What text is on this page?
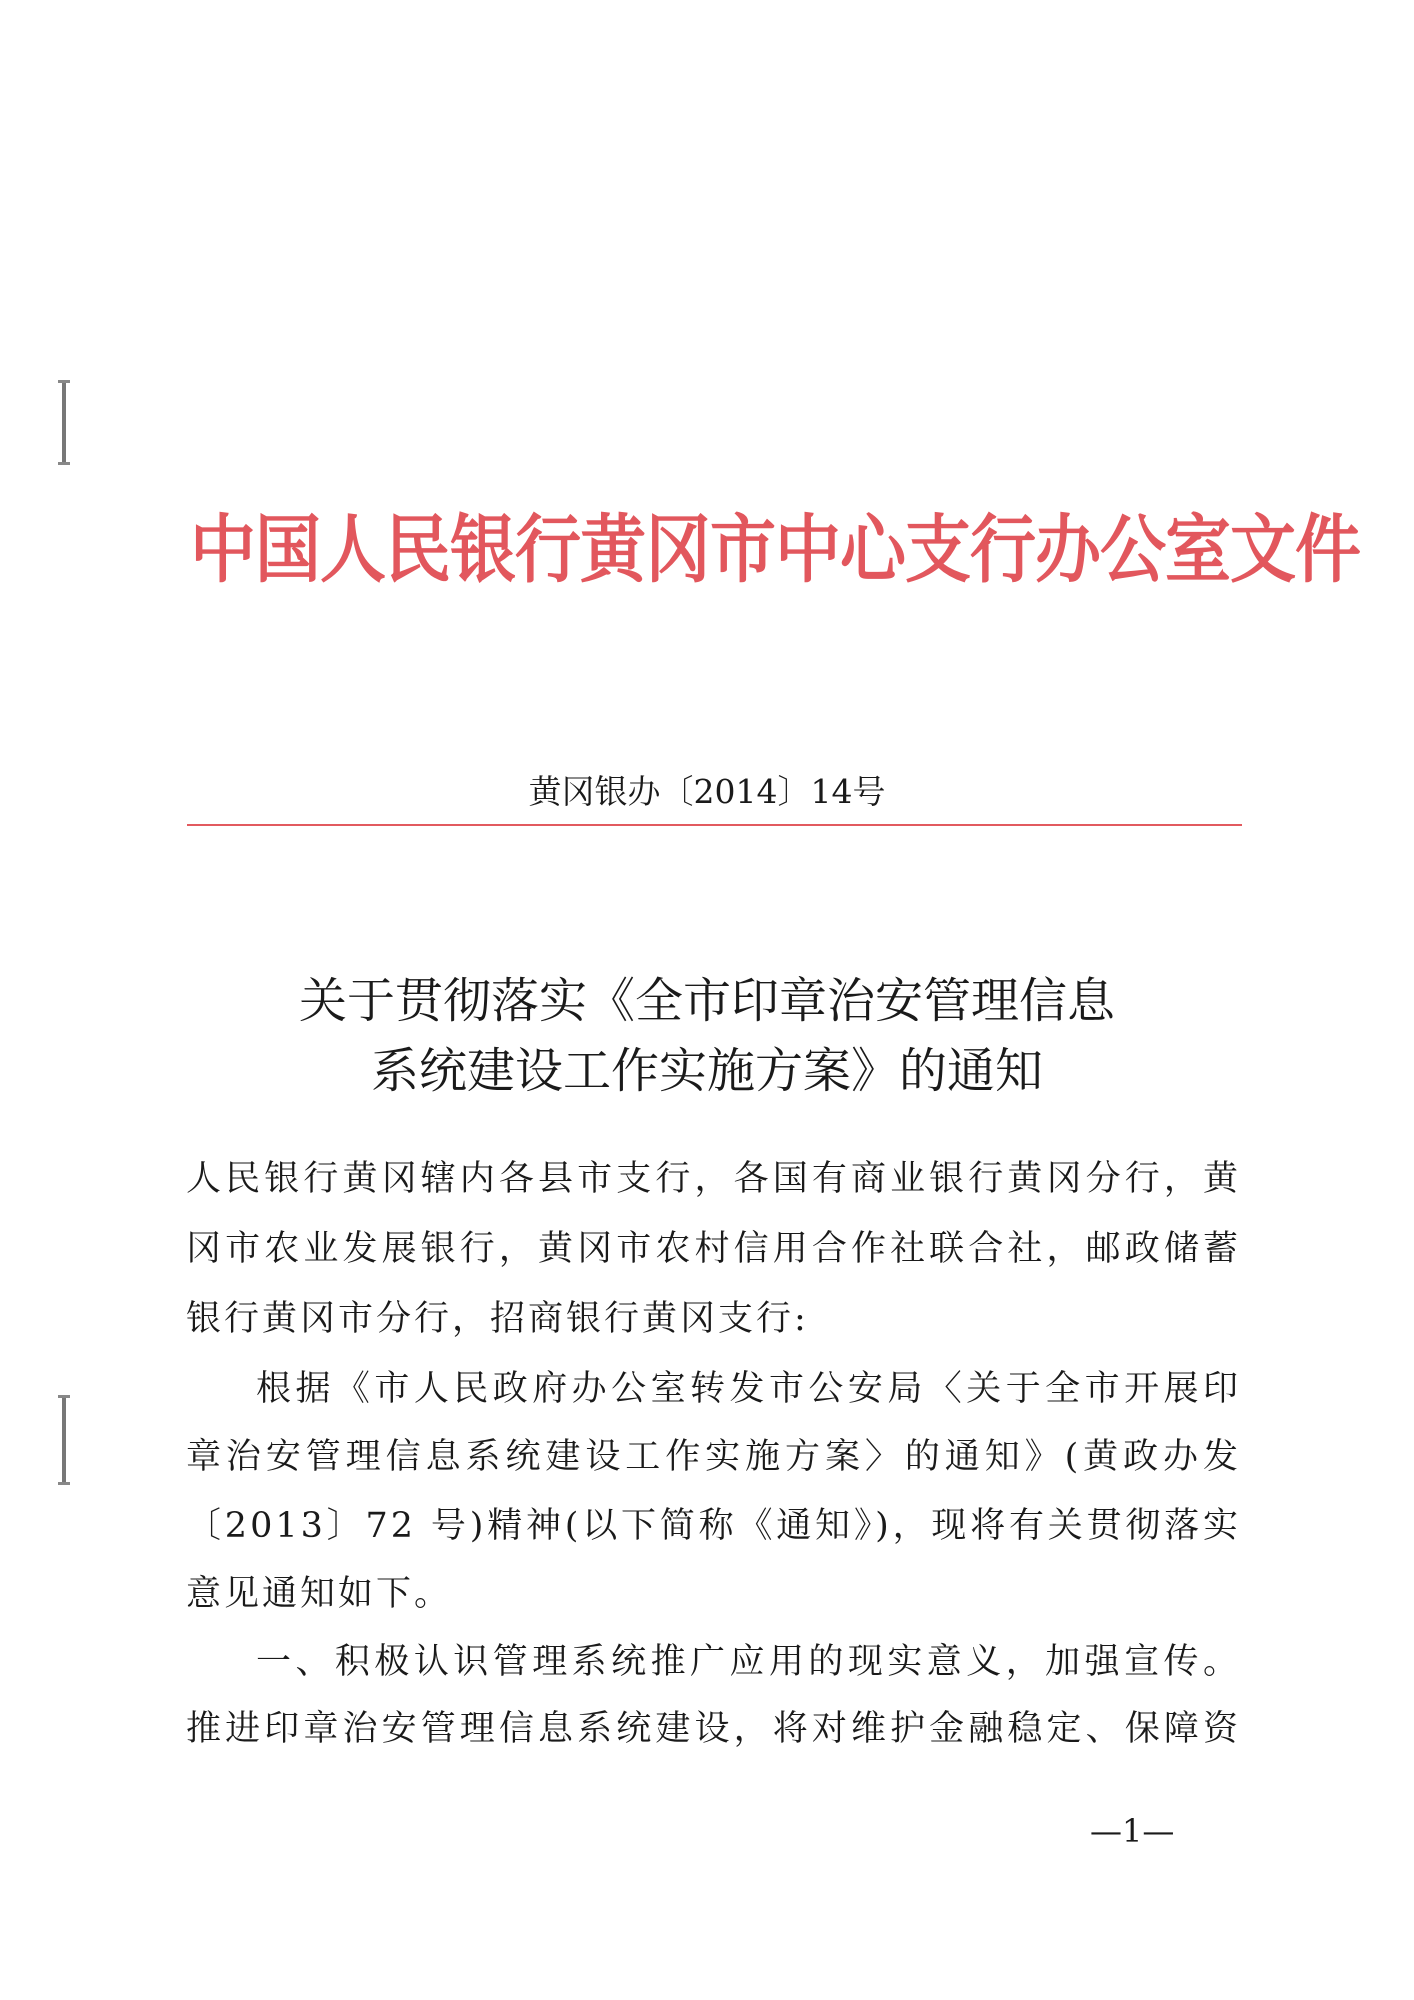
中国人民银行黄冈市中心支行办公室文件
黄冈银办〔2014〕14号
关于贯彻落实《全市印章治安管理信息
系统建设工作实施方案》的通知
人民银行黄冈辖内各县市支行，各国有商业银行黄冈分行，黄
冈市农业发展银行，黄冈市农村信用合作社联合社，邮政储蓄
银行黄冈市分行，招商银行黄冈支行:
根据《市人民政府办公室转发市公安局〈关于全市开展印
章治安管理信息系统建设工作实施方案〉的通知》(黄政办发
〔2013〕72 号)精神(以下简称《通知》)，现将有关贯彻落实
意见通知如下。
一、积极认识管理系统推广应用的现实意义，加强宣传。
推进印章治安管理信息系统建设，将对维护金融稳定、保障资
—1—
